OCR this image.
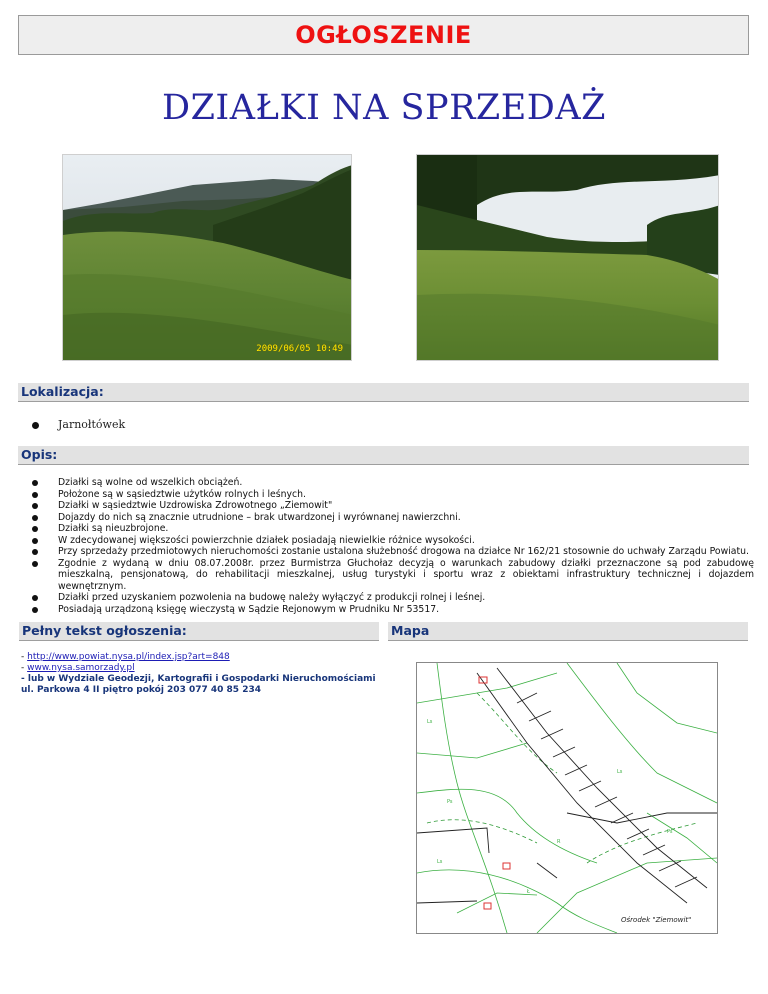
OGŁOSZENIE
DZIAŁKI NA SPRZEDAŻ
2009/06/05 10:49
Lokalizacja:
Jarnołtówek
Opis:
Działki są wolne od wszelkich obciążeń.
Położone są w sąsiedztwie użytków rolnych i leśnych.
Działki w sąsiedztwie Uzdrowiska Zdrowotnego „Ziemowit"
Dojazdy do nich są znacznie utrudnione – brak utwardzonej i wyrównanej nawierzchni.
Działki są nieuzbrojone.
W zdecydowanej większości powierzchnie działek posiadają niewielkie różnice wysokości.
Przy sprzedaży przedmiotowych nieruchomości zostanie ustalona służebność drogowa na działce Nr 162/21 stosownie do uchwały Zarządu Powiatu.
Zgodnie z wydaną w dniu 08.07.2008r. przez Burmistrza Głuchołaz decyzją o warunkach zabudowy działki przeznaczone są pod zabudowę mieszkalną, pensjonatową, do rehabilitacji mieszkalnej, usług turystyki i sportu wraz z obiektami infrastruktury technicznej i dojazdem wewnętrznym.
Działki przed uzyskaniem pozwolenia na budowę należy wyłączyć z produkcji rolnej i leśnej.
Posiadają urządzoną księgę wieczystą w Sądzie Rejonowym w Prudniku Nr 53517.
Pełny tekst ogłoszenia:	Mapa
- http://www.powiat.nysa.pl/index.jsp?art=848
- www.nysa.samorzady.pl
- lub w Wydziale Geodezji, Kartografii i Gospodarki Nieruchomościami ul. Parkowa 4 II piętro pokój 203 077 40 85 234
Ls
Ps
R
Ls
Ps
Ł
Ls
Ośrodek "Ziemowit"
